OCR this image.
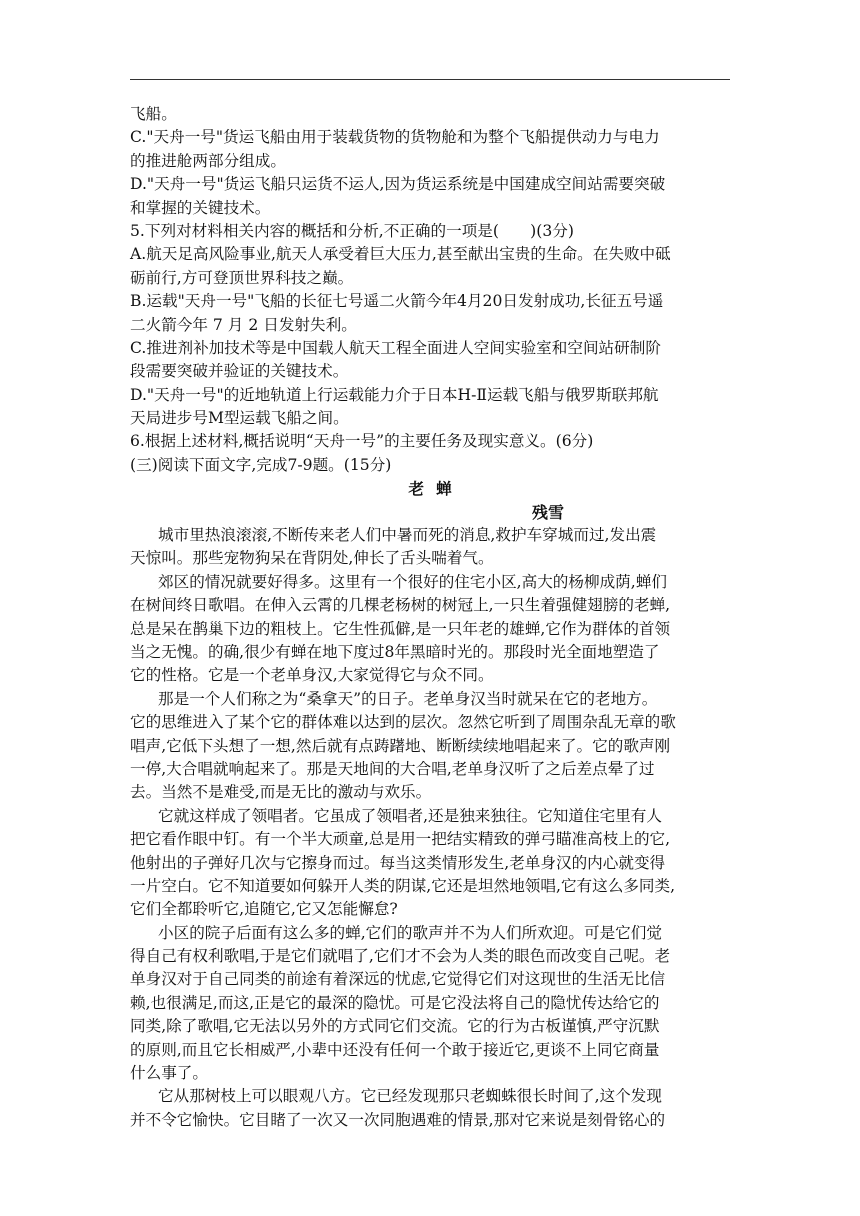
飞船。
C."天舟一号"货运飞船由用于装载货物的货物舱和为整个飞船提供动力与电力
的推进舱两部分组成。
D."天舟一号"货运飞船只运货不运人,因为货运系统是中国建成空间站需要突破
和掌握的关键技术。
5.下列对材料相关内容的概括和分析,不正确的一项是(　　)(3分)
A.航天足高风险事业,航天人承受着巨大压力,甚至献出宝贵的生命。在失败中砥
砺前行,方可登顶世界科技之巅。
B.运载"天舟一号"飞船的长征七号遥二火箭今年4月20日发射成功,长征五号遥
二火箭今年 7 月 2 日发射失利。
C.推进剂补加技术等是中国载人航天工程全面进人空间实验室和空间站研制阶
段需要突破并验证的关键技术。
D."天舟一号"的近地轨道上行运载能力介于日本H-Ⅱ运载飞船与俄罗斯联邦航
天局进步号M型运载飞船之间。
6.根据上述材料,概括说明“天舟一号”的主要任务及现实意义。(6分)
(三)阅读下面文字,完成7-9题。(15分)
老蝉
残雪
城市里热浪滚滚,不断传来老人们中暑而死的消息,救护车穿城而过,发出震
天惊叫。那些宠物狗呆在背阴处,伸长了舌头喘着气。
郊区的情况就要好得多。这里有一个很好的住宅小区,高大的杨柳成荫,蝉们
在树间终日歌唱。在伸入云霄的几棵老杨树的树冠上,一只生着强健翅膀的老蝉,
总是呆在鹊巢下边的粗枝上。它生性孤僻,是一只年老的雄蝉,它作为群体的首领
当之无愧。的确,很少有蝉在地下度过8年黑暗时光的。那段时光全面地塑造了
它的性格。它是一个老单身汉,大家觉得它与众不同。
那是一个人们称之为“桑拿天”的日子。老单身汉当时就呆在它的老地方。
它的思维进入了某个它的群体难以达到的层次。忽然它听到了周围杂乱无章的歌
唱声,它低下头想了一想,然后就有点踌躇地、断断续续地唱起来了。它的歌声刚
一停,大合唱就响起来了。那是天地间的大合唱,老单身汉听了之后差点晕了过
去。当然不是难受,而是无比的激动与欢乐。
它就这样成了领唱者。它虽成了领唱者,还是独来独往。它知道住宅里有人
把它看作眼中钉。有一个半大顽童,总是用一把结实精致的弹弓瞄准高枝上的它,
他射出的子弹好几次与它擦身而过。每当这类情形发生,老单身汉的内心就变得
一片空白。它不知道要如何躲开人类的阴谋,它还是坦然地领唱,它有这么多同类,
它们全都聆听它,追随它,它又怎能懈怠?
小区的院子后面有这么多的蝉,它们的歌声并不为人们所欢迎。可是它们觉
得自己有权利歌唱,于是它们就唱了,它们才不会为人类的眼色而改变自己呢。老
单身汉对于自己同类的前途有着深远的忧虑,它觉得它们对这现世的生活无比信
赖,也很满足,而这,正是它的最深的隐忧。可是它没法将自己的隐忧传达给它的
同类,除了歌唱,它无法以另外的方式同它们交流。它的行为古板谨慎,严守沉默
的原则,而且它长相威严,小辈中还没有任何一个敢于接近它,更谈不上同它商量
什么事了。
它从那树枝上可以眼观八方。它已经发现那只老蜘蛛很长时间了,这个发现
并不令它愉快。它目睹了一次又一次同胞遇难的情景,那对它来说是刻骨铭心的
